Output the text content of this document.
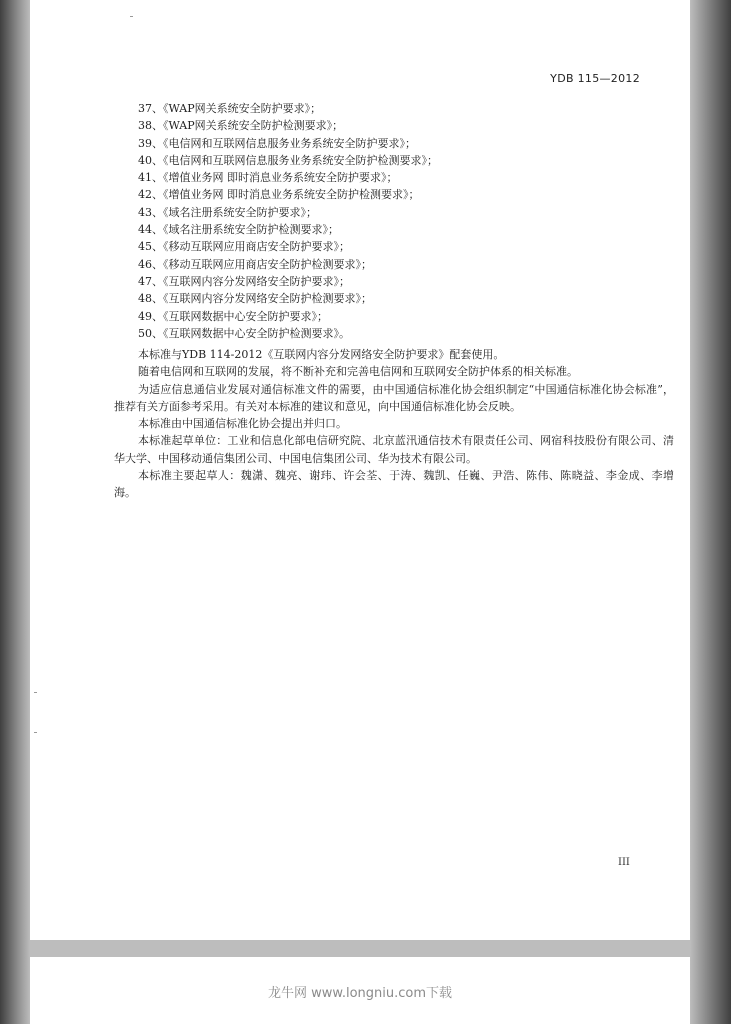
YDB 115—2012
37、《WAP网关系统安全防护要求》；
38、《WAP网关系统安全防护检测要求》；
39、《电信网和互联网信息服务业务系统安全防护要求》；
40、《电信网和互联网信息服务业务系统安全防护检测要求》；
41、《增值业务网 即时消息业务系统安全防护要求》；
42、《增值业务网 即时消息业务系统安全防护检测要求》；
43、《域名注册系统安全防护要求》；
44、《域名注册系统安全防护检测要求》；
45、《移动互联网应用商店安全防护要求》；
46、《移动互联网应用商店安全防护检测要求》；
47、《互联网内容分发网络安全防护要求》；
48、《互联网内容分发网络安全防护检测要求》；
49、《互联网数据中心安全防护要求》；
50、《互联网数据中心安全防护检测要求》。

本标准与YDB 114-2012《互联网内容分发网络安全防护要求》配套使用。

随着电信网和互联网的发展，将不断补充和完善电信网和互联网安全防护体系的相关标准。

为适应信息通信业发展对通信标准文件的需要，由中国通信标准化协会组织制定“中国通信标准化协会标准”，推荐有关方面参考采用。有关对本标准的建议和意见，向中国通信标准化协会反映。

本标准由中国通信标准化协会提出并归口。

本标准起草单位：工业和信息化部电信研究院、北京蓝汛通信技术有限责任公司、网宿科技股份有限公司、清华大学、中国移动通信集团公司、中国电信集团公司、华为技术有限公司。

本标准主要起草人：魏潇、魏亮、谢玮、许会荃、于涛、魏凯、任巍、尹浩、陈伟、陈晓益、李金成、李增海。

III
龙牛网 www.longniu.com下载
